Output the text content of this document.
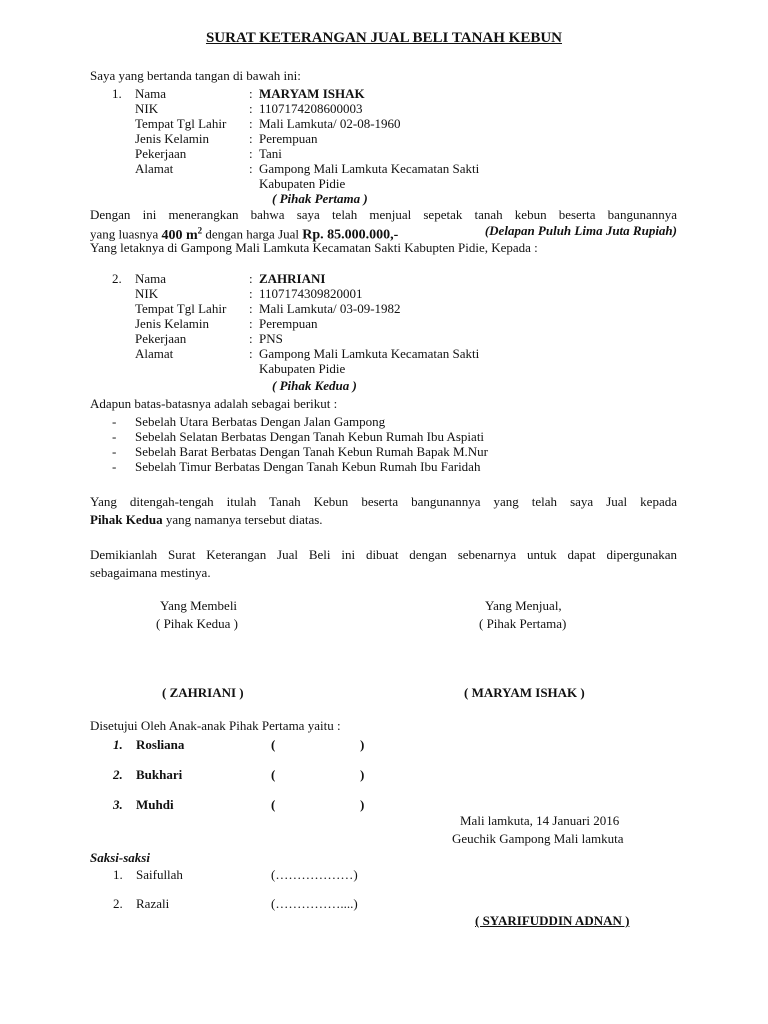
SURAT KETERANGAN JUAL BELI TANAH KEBUN
Saya yang bertanda tangan di bawah ini:
1. Nama	: MARYAM ISHAK
NIK	: 1107174208600003
Tempat Tgl Lahir : Mali Lamkuta/ 02-08-1960
Jenis Kelamin	: Perempuan
Pekerjaan	: Tani
Alamat	: Gampong Mali Lamkuta Kecamatan Sakti
Kabupaten Pidie
( Pihak Pertama )
Dengan ini menerangkan bahwa saya telah menjual sepetak tanah kebun beserta bangunannya
yang luasnya 400 $m^2$ dengan harga Jual Rp. 85.000.000,-	(Delapan Puluh Lima Juta Rupiah)
Yang letaknya di Gampong Mali Lamkuta Kecamatan Sakti Kabupten Pidie, Kepada :
2. Nama	: ZAHRIANI
NIK	: 1107174309820001
Tempat Tgl Lahir : Mali Lamkuta/ 03-09-1982
Jenis Kelamin	: Perempuan
Pekerjaan	: PNS
Alamat	: Gampong Mali Lamkuta Kecamatan Sakti
Kabupaten Pidie
( Pihak Kedua )
Adapun batas-batasnya adalah sebagai berikut :
- Sebelah Utara Berbatas Dengan Jalan Gampong
- Sebelah Selatan Berbatas Dengan Tanah Kebun Rumah Ibu Aspiati
- Sebelah Barat Berbatas Dengan Tanah Kebun Rumah Bapak M.Nur
- Sebelah Timur Berbatas Dengan Tanah Kebun Rumah Ibu Faridah
Yang ditengah-tengah itulah Tanah Kebun beserta bangunannya yang telah saya Jual kepada
Pihak Kedua yang namanya tersebut diatas.
Demikianlah Surat Keterangan Jual Beli ini dibuat dengan sebenarnya untuk dapat dipergunakan
sebagaimana mestinya.
Yang Membeli
( Pihak Kedua )
( ZAHRIANI )
Yang Menjual,
( Pihak Pertama)
( MARYAM ISHAK )
Disetujui Oleh Anak-anak Pihak Pertama yaitu :
1. Rosliana	(	)
2. Bukhari	(	)
3. Muhdi	(	)
Mali lamkuta, 14 Januari 2016
Geuchik Gampong Mali lamkuta
( SYARIFUDDIN ADNAN )
Saksi-saksi
1. Saifullah	(………………)
2. Razali	(……………....)
